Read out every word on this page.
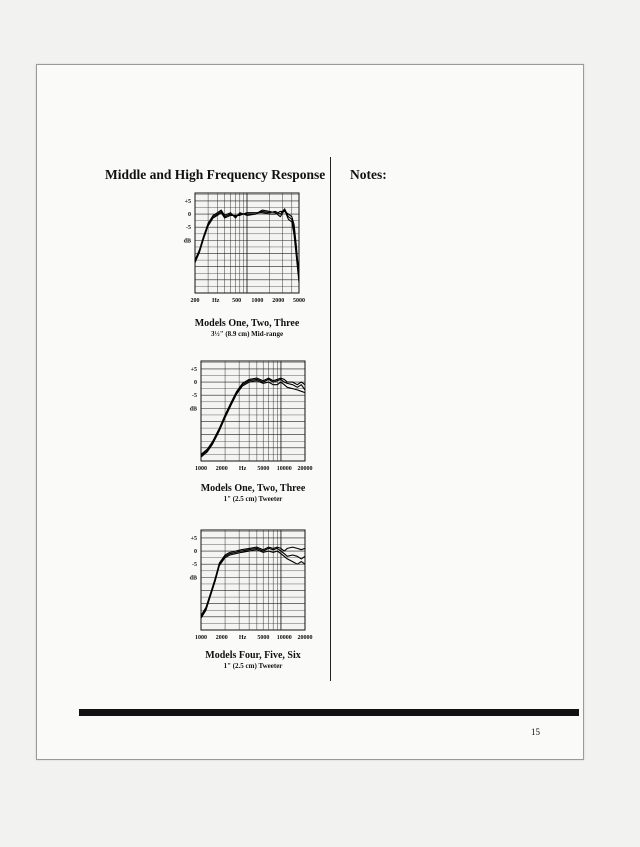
Middle and High Frequency Response Notes:
+5
0
-5
dB
200 Hz 500 1000 2000 5000
Models One, Two, Three
3½" (8.9 cm) Mid-range
+5
0
-5
dB
1000 2000 Hz 5000 10000 20000
Models One, Two, Three
1" (2.5 cm) Tweeter
+5
0
-5
dB
1000 2000 Hz 5000 10000 20000
Models Four, Five, Six
1" (2.5 cm) Tweeter
15
